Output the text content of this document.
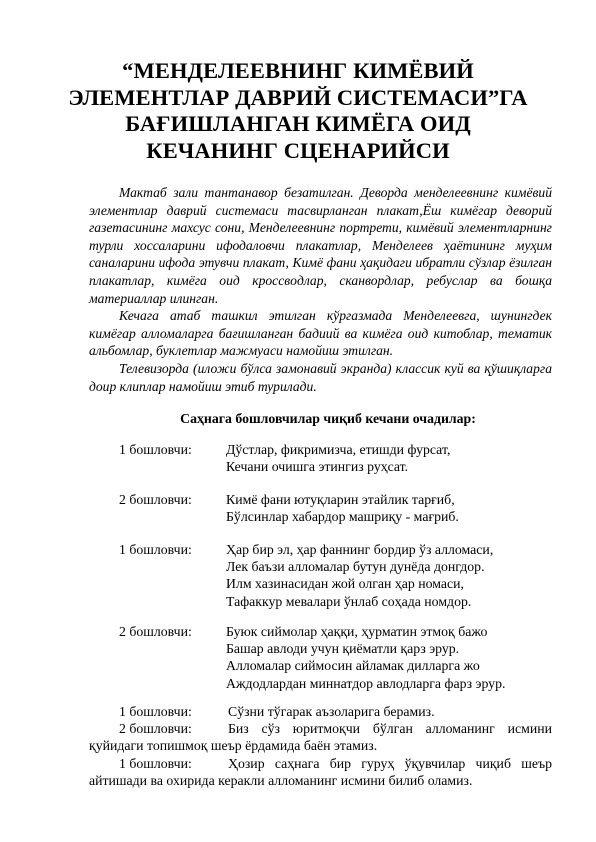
“МЕНДЕЛЕЕВНИНГ КИМЁВИЙ
ЭЛЕМЕНТЛАР ДАВРИЙ СИСТЕМАСИ”ГА
БАҒИШЛАНГАН КИМЁГА ОИД
КЕЧАНИНГ СЦЕНАРИЙСИ

Мактаб зали тантанавор безатилган. Деворда менделеевнинг кимёвий элементлар даврий системаси тасвирланган плакат,Ёш кимёгар деворий газетасининг махсус сони, Менделеевнинг портрети, кимёвий элементларнинг турли хоссаларини ифодаловчи плакатлар, Менделеев ҳаётининг муҳим саналарини ифода этувчи плакат, Кимё фани ҳақидаги ибратли сўзлар ёзилган плакатлар, кимёга оид кроссвoдлар, сканвордлар, ребуслар ва бошқа материаллар илинган.

Кечага атаб ташкил этилган кўргазмада Менделеевга, шунингдек кимёгар алломаларга бағишланган бадиий ва кимёга оид китоблар, тематик альбомлар, буклетлар мажмуаси намойиш этилган.

Телевизорда (иложи бўлса замонавий экранда) классик куй ва қўшиқларга доир клиплар намойиш этиб турилади.

Саҳнага бошловчилар чиқиб кечани очадилар:
1 бошловчи: Дўстлар, фикримизча, етишди фурсат,
Кечани очишга этингиз руҳсат.
2 бошловчи: Кимё фани ютуқларин этайлик тарғиб,
Бўлсинлар хабардор машриқу - мағриб.
1 бошловчи: Ҳар бир эл, ҳар фаннинг бордир ўз алломаси,
Лек баъзи алломалар бутун дунёда донгдор.
Илм хазинасидан жой олган ҳар номаси,
Тафаккур мевалари ўнлаб соҳада номдор.
2 бошловчи: Буюк сиймолар ҳаққи, ҳурматин этмоқ бажо
Башар авлоди учун қиёматли қарз эрур.
Алломалар сиймосин айламак дилларга жо
Аждодлардан миннатдор авлодларга фарз эрур.
1 бошловчи:	Сўзни тўгарак аъзоларига берамиз.
2 бошловчи:	Биз сўз юритмоқчи бўлган алломанинг исмини қуйидаги топишмоқ шеър ёрдамида баён этамиз.
1 бошловчи:	Ҳозир саҳнага бир гуруҳ ўқувчилар чиқиб шеър айтишади ва охирида керакли алломанинг исмини билиб оламиз.
